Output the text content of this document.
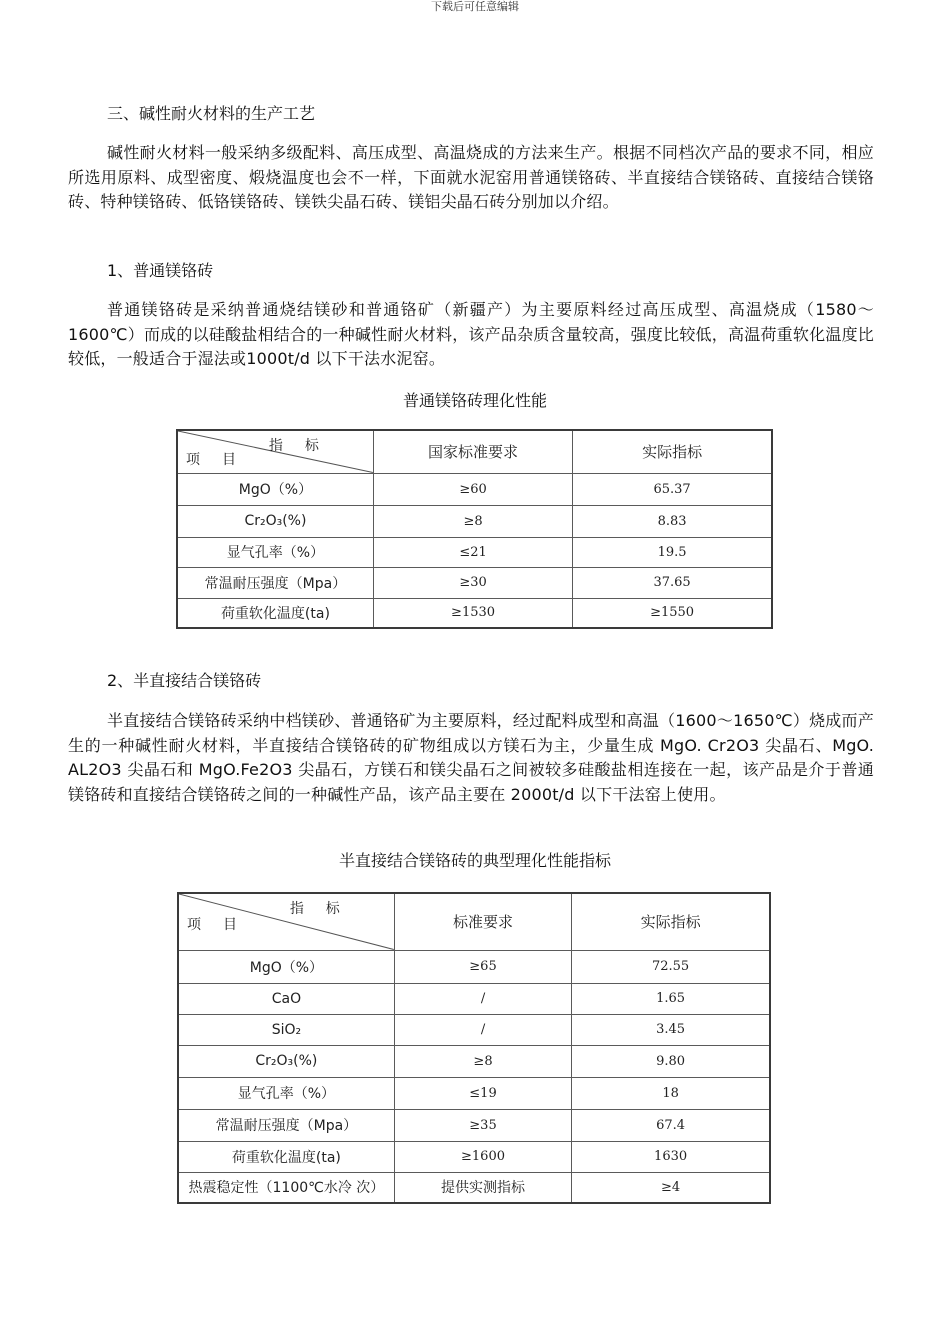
下载后可任意编辑
三、碱性耐火材料的生产工艺

碱性耐火材料一般采纳多级配料、高压成型、高温烧成的方法来生产。根据不同档次产品的要求不同，相应所选用原料、成型密度、煅烧温度也会不一样，下面就水泥窑用普通镁铬砖、半直接结合镁铬砖、直接结合镁铬砖、特种镁铬砖、低铬镁铬砖、镁铁尖晶石砖、镁铝尖晶石砖分别加以介绍。

1、普通镁铬砖

普通镁铬砖是采纳普通烧结镁砂和普通铬矿（新疆产）为主要原料经过高压成型、高温烧成（1580～1600℃）而成的以硅酸盐相结合的一种碱性耐火材料，该产品杂质含量较高，强度比较低，高温荷重软化温度比较低，一般适合于湿法或1000t/d 以下干法水泥窑。

普通镁铬砖理化性能
指标
项目	国家标准要求	实际指标
MgO（%）	≥60	65.37
Cr₂O₃(%)	≥8	8.83
显气孔率（%）	≤21	19.5
常温耐压强度（Mpa）	≥30	37.65
荷重软化温度(ta)	≥1530	≥1550
2、半直接结合镁铬砖

半直接结合镁铬砖采纳中档镁砂、普通铬矿为主要原料，经过配料成型和高温（1600～1650℃）烧成而产生的一种碱性耐火材料，半直接结合镁铬砖的矿物组成以方镁石为主，少量生成 MgO. Cr2O3 尖晶石、MgO. AL2O3 尖晶石和 MgO.Fe2O3 尖晶石，方镁石和镁尖晶石之间被较多硅酸盐相连接在一起，该产品是介于普通镁铬砖和直接结合镁铬砖之间的一种碱性产品，该产品主要在 2000t/d 以下干法窑上使用。

半直接结合镁铬砖的典型理化性能指标
指标
项目	标准要求	实际指标
MgO（%）	≥65	72.55
CaO	/	1.65
SiO₂	/	3.45
Cr₂O₃(%)	≥8	9.80
显气孔率（%）	≤19	18
常温耐压强度（Mpa）	≥35	67.4
荷重软化温度(ta)	≥1600	1630
热震稳定性（1100℃水冷 次）	提供实测指标	≥4
